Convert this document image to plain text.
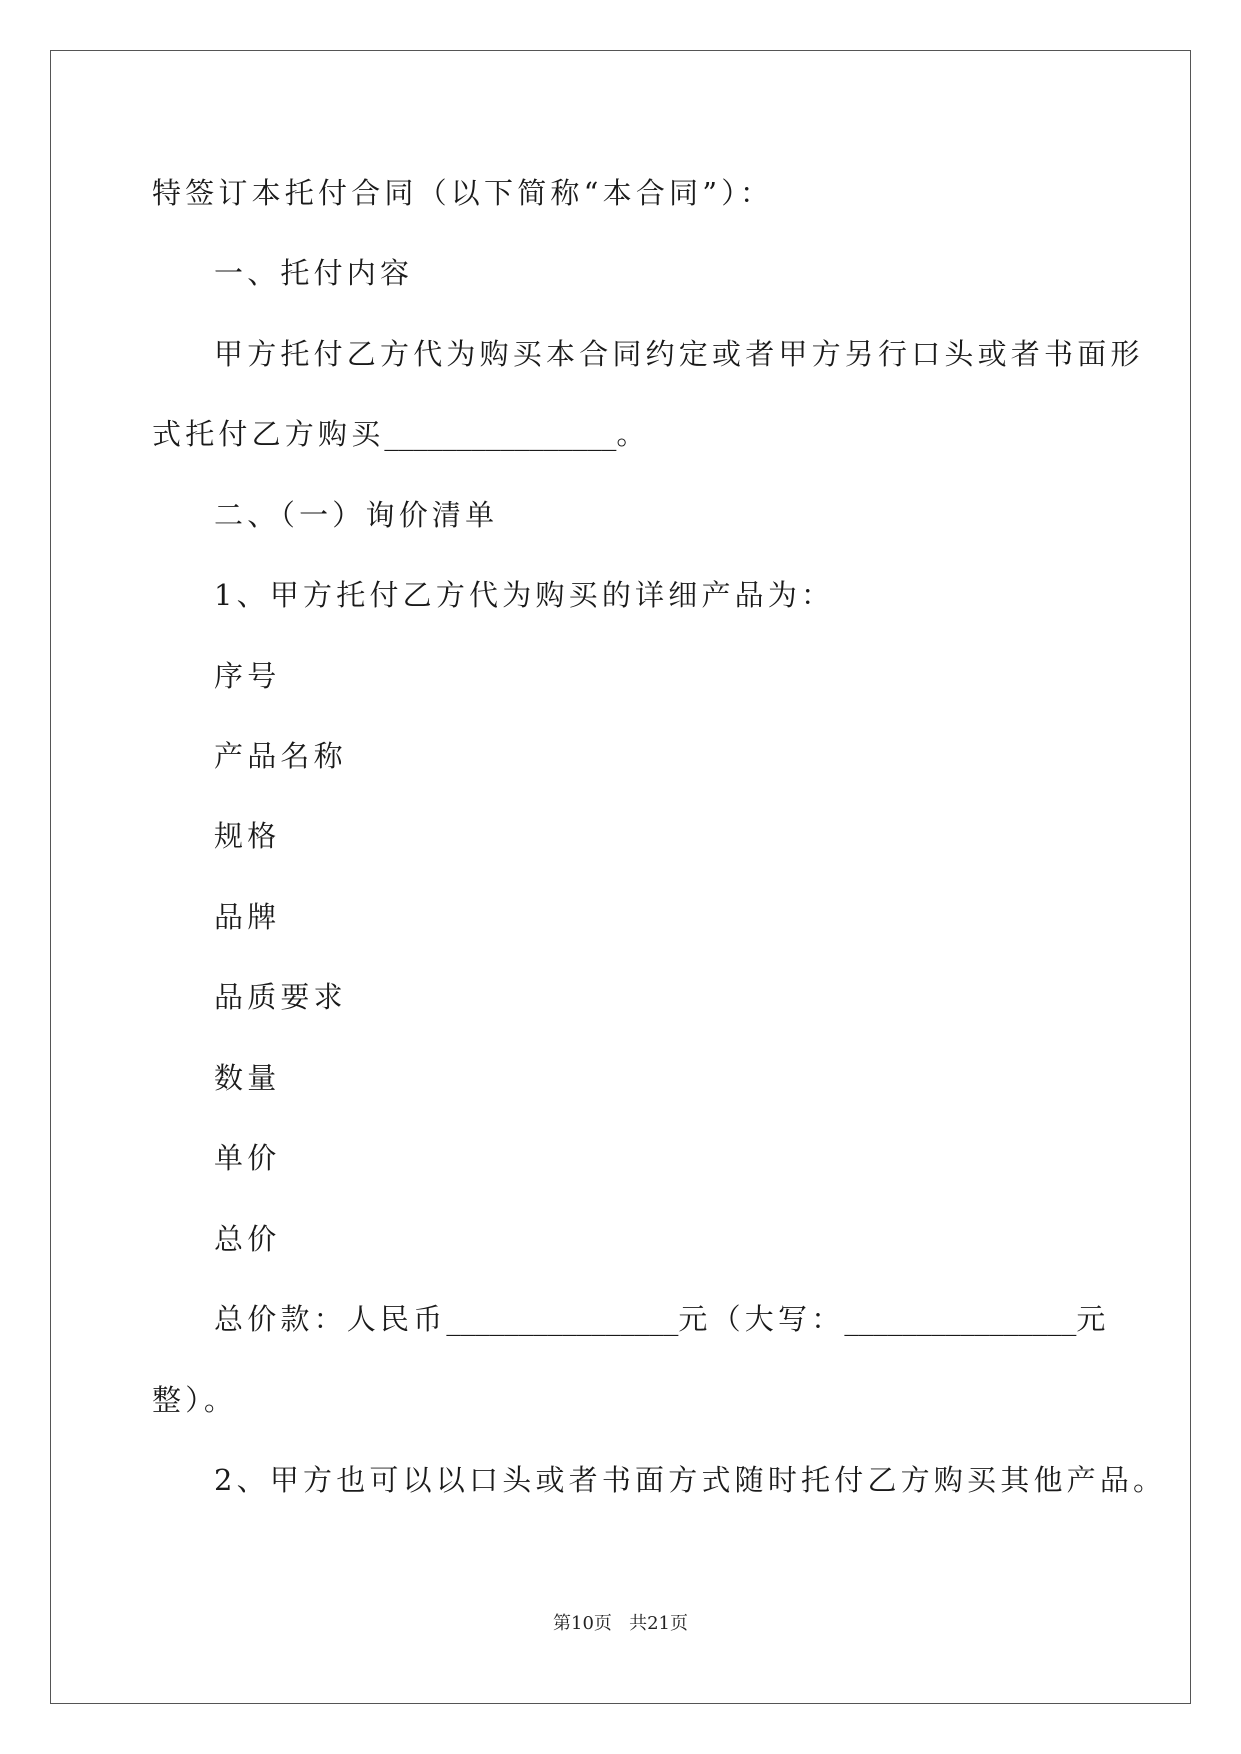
特签订本托付合同（以下简称“本合同”）：
一、托付内容
甲方托付乙方代为购买本合同约定或者甲方另行口头或者书面形
式托付乙方购买________________。
二、（一）询价清单
1、甲方托付乙方代为购买的详细产品为：
序号
产品名称
规格
品牌
品质要求
数量
单价
总价
总价款：人民币________________元（大写：________________元
整）。
2、甲方也可以以口头或者书面方式随时托付乙方购买其他产品。
第10页 共21页
